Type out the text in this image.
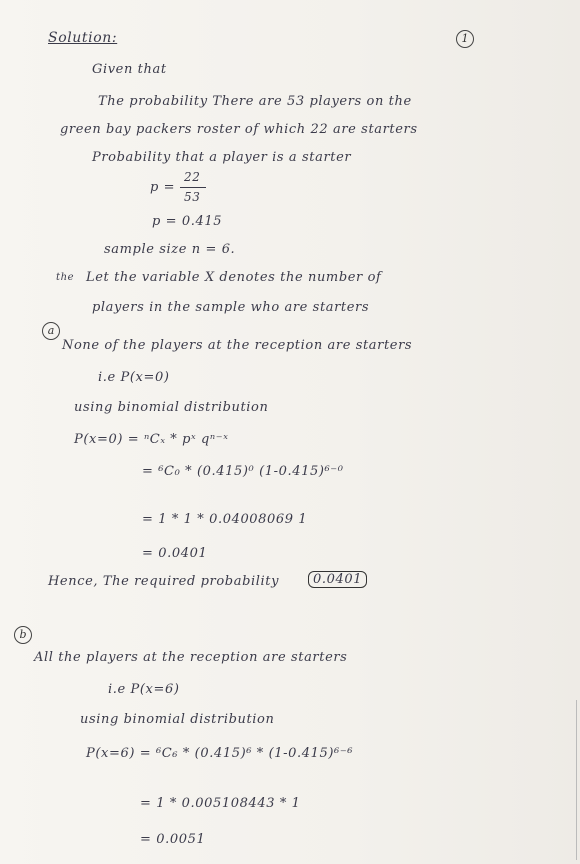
Solution:	1
Given that
The probability There are 53 players on the
green bay packers roster of which 22 are starters
Probability that a player is a starter
p =
22
53
p = 0.415
sample size n = 6.
the Let the variable X denotes the number of
players in the sample who are starters
a
None of the players at the reception are starters
i.e P(x=0)
using binomial distribution
P(x=0) = ⁿCₓ * pˣ qⁿ⁻ˣ
= ⁶C₀ * (0.415)⁰ (1-0.415)⁶⁻⁰
= 1 * 1 * 0.04008069 1
= 0.0401
Hence, The required probability	0.0401
b
All the players at the reception are starters
i.e P(x=6)
using binomial distribution
P(x=6) = ⁶C₆ * (0.415)⁶ * (1-0.415)⁶⁻⁶
= 1 * 0.005108443 * 1
= 0.0051
